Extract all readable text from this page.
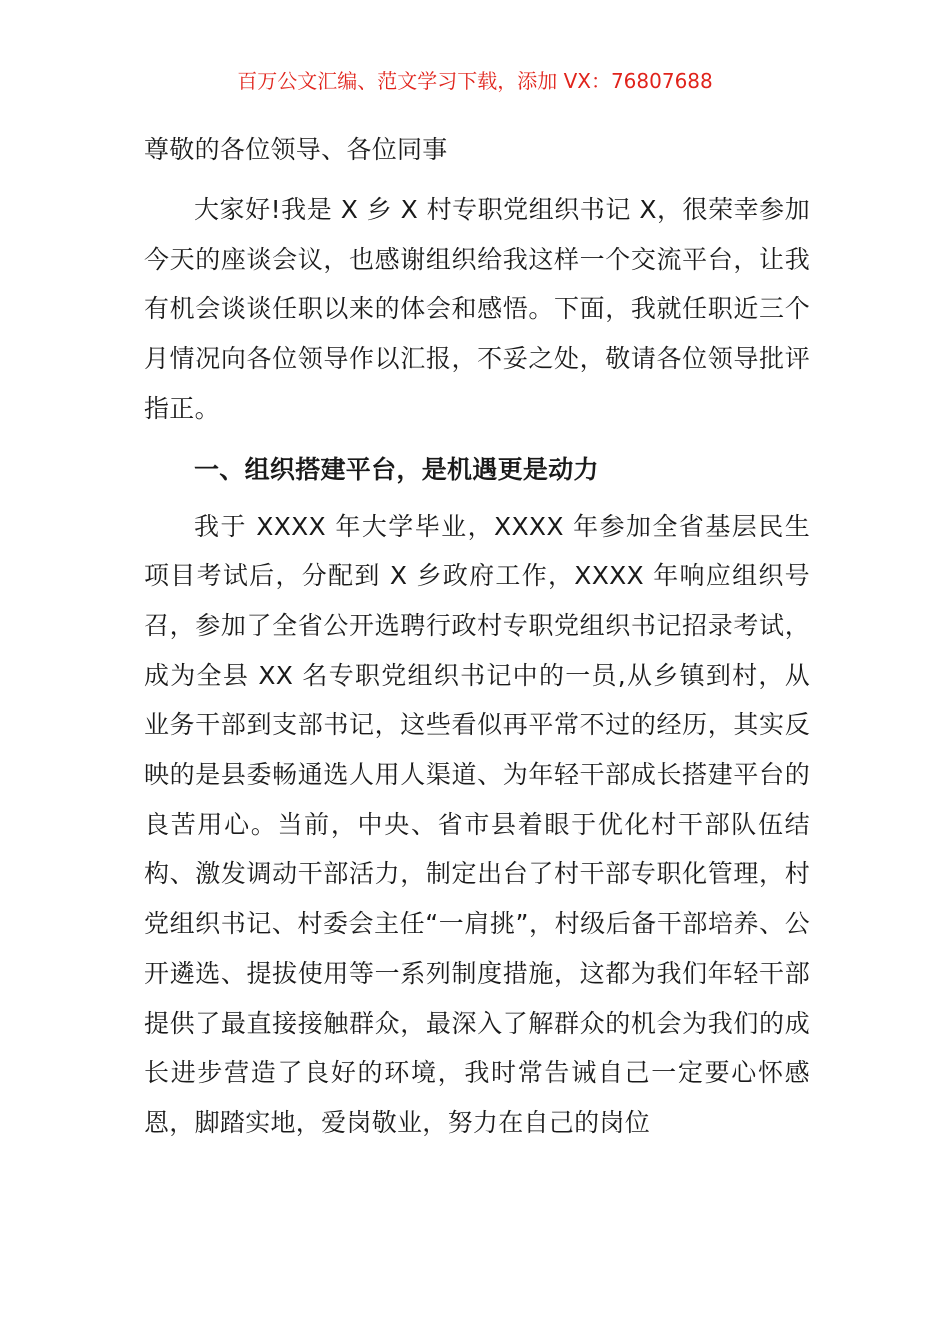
百万公文汇编、范文学习下载，添加 VX：76807688

尊敬的各位领导、各位同事

大家好!我是 X 乡 X 村专职党组织书记 X，很荣幸参加今天的座谈会议，也感谢组织给我这样一个交流平台，让我有机会谈谈任职以来的体会和感悟。下面，我就任职近三个月情况向各位领导作以汇报，不妥之处，敬请各位领导批评指正。

一、组织搭建平台，是机遇更是动力

我于 XXXX 年大学毕业，XXXX 年参加全省基层民生项目考试后，分配到 X 乡政府工作，XXXX 年响应组织号召，参加了全省公开选聘行政村专职党组织书记招录考试，成为全县 XX 名专职党组织书记中的一员,从乡镇到村，从业务干部到支部书记，这些看似再平常不过的经历，其实反映的是县委畅通选人用人渠道、为年轻干部成长搭建平台的良苦用心。当前，中央、省市县着眼于优化村干部队伍结构、激发调动干部活力，制定出台了村干部专职化管理，村党组织书记、村委会主任“一肩挑”，村级后备干部培养、公开遴选、提拔使用等一系列制度措施，这都为我们年轻干部提供了最直接接触群众，最深入了解群众的机会为我们的成长进步营造了良好的环境，我时常告诫自己一定要心怀感恩，脚踏实地，爱岗敬业，努力在自己的岗位
